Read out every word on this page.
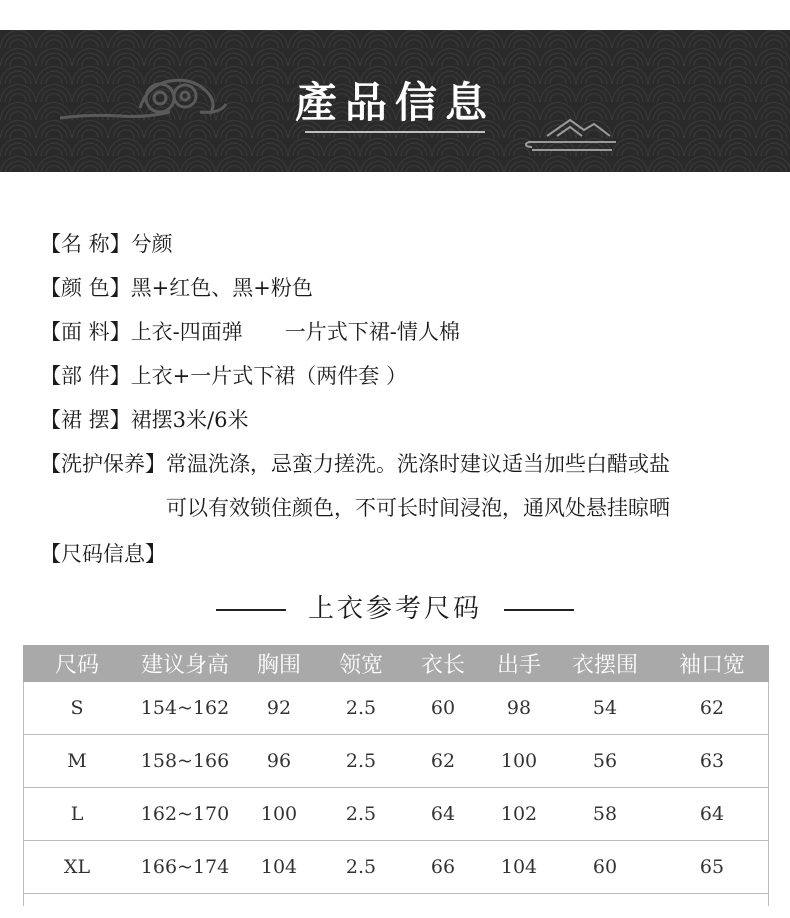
產品信息
【名 称】 兮颜
【颜 色】 黑+红色、黑+粉色
【面 料】 上衣-四面弹　　一片式下裙-情人棉
【部 件】 上衣+一片式下裙（两件套 ）
【裙 摆】 裙摆3米/6米
【洗护保养】 常温洗涤，忌蛮力搓洗。洗涤时建议适当加些白醋或盐
可以有效锁住颜色，不可长时间浸泡，通风处悬挂晾晒
【尺码信息】
上衣参考尺码
尺码	建议身高	胸围	领宽	衣长	出手	衣摆围	袖口宽
S	154~162	92	2.5	60	98	54	62
M	158~166	96	2.5	62	100	56	63
L	162~170	100	2.5	64	102	58	64
XL	166~174	104	2.5	66	104	60	65
